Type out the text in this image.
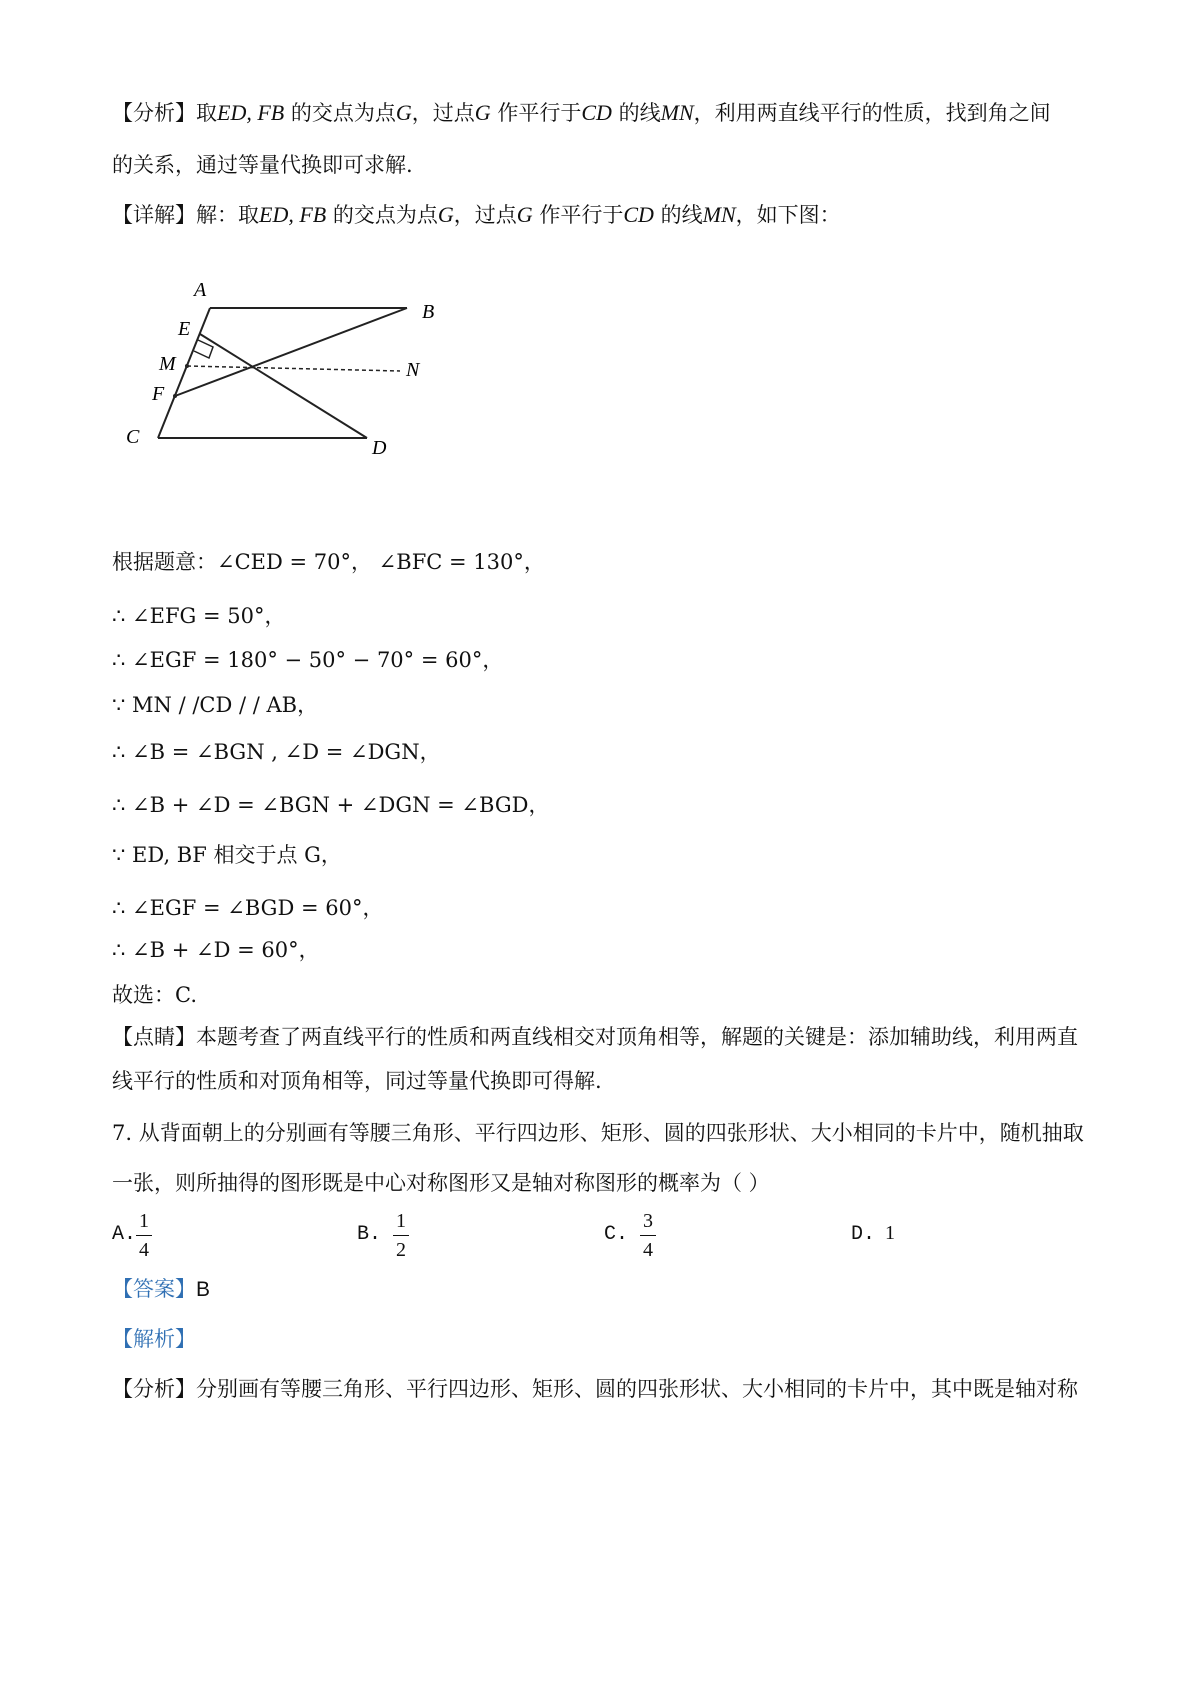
【分析】取ED, FB 的交点为点G，过点G 作平行于CD 的线MN，利用两直线平行的性质，找到角之间
的关系，通过等量代换即可求解.
【详解】解：取ED, FB 的交点为点G，过点G 作平行于CD 的线MN，如下图：
A
B
E
M	N
F
C	D
根据题意：∠CED = 70°， ∠BFC = 130°，
∴ ∠EFG = 50°，
∴ ∠EGF = 180° − 50° − 70° = 60°，
∵ MN / /CD / / AB，
∴ ∠B = ∠BGN , ∠D = ∠DGN，
∴ ∠B + ∠D = ∠BGN + ∠DGN = ∠BGD，
∵ ED, BF 相交于点 G，
∴ ∠EGF = ∠BGD = 60°，
∴ ∠B + ∠D = 60°，
故选：C.
【点睛】本题考查了两直线平行的性质和两直线相交对顶角相等，解题的关键是：添加辅助线，利用两直
线平行的性质和对顶角相等，同过等量代换即可得解.
7. 从背面朝上的分别画有等腰三角形、平行四边形、矩形、圆的四张形状、大小相同的卡片中，随机抽取
一张，则所抽得的图形既是中心对称图形又是轴对称图形的概率为（ ）
A.
1
4
B.
1
2
C.
3
4
D. 1
【答案】B
【解析】
【分析】分别画有等腰三角形、平行四边形、矩形、圆的四张形状、大小相同的卡片中，其中既是轴对称
